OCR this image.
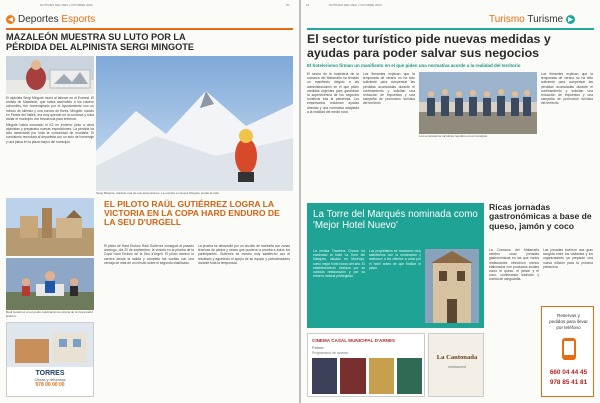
NOTÍCIES DEL MES | OCTUBRE 2020	20
◀ Deportes Esports
MAZALEÓN MUESTRA SU LUTO POR LA PÉRDIDA DEL ALPINISTA SERGI MINGOTE
El alpinista Sergi Mingote murió al fallecer en el Everest. El ciclista de Mazaleón, que había ascendido a los catorce ochomiles, fue homenajeado por el Ayuntamiento con un minuto de silencio y una corona de flores. Mingote, nacido en Parets del Vallès, era muy querido en la comarca y solía visitar el municipio con frecuencia para entrenar.
Mingote había coronado el K2 en invierno junto a otros alpinistas y preparaba nuevas expediciones. La pérdida ha sido lamentada por toda la comunidad de montaña. El consistorio recordará al deportista con un acto de homenaje y una placa en la plaza mayor del municipio.
Sergi Mingote, durante una de sus ascensiones. La cumbre en la que Mingote perdió la vida.
EL PILOTO RAÜL GUTIÉRREZ LOGRA LA VICTORIA EN LA COPA HARD ENDURO DE LA SEU D'URGELL
Raül Gutiérrez en el podio celebrando la victoria de la Copa Hard Enduro.
El piloto de Hard Enduro Raül Gutiérrez consiguió el pasado domingo, día 20 de septiembre, la victoria en la prueba de la Copa Hard Enduro de la Seu d'Urgell. El piloto dominó la carrera desde la salida y completó las vueltas con una ventaja de más de un minuto sobre el segundo clasificado.
La prueba se desarrolló por un circuito de montaña con zonas técnicas de piedra y raíces que pusieron a prueba a todos los participantes. Gutiérrez se mostró muy satisfecho con el resultado y agradeció el apoyo de su equipo y patrocinadores durante toda la temporada.
TORRES
Obras y reformas
978 00 00 00
21	NOTÍCIES DEL MES | OCTUBRE 2020
Turismo Turisme ▶
El sector turístico pide nuevas medidas y ayudas para poder salvar sus negocios
El hotelerismo firman un manifiesto en el que piden una normativa acorde a la realidad del territorio
El sector de la hostelería de la comarca del Matarraña ha firmado un manifiesto dirigido a las administraciones en el que piden medidas urgentes para garantizar la supervivencia de los negocios turísticos tras la pandemia. Los empresarios reclaman ayudas directas y una normativa adaptada a la realidad del medio rural.
Los firmantes explican que la temporada de verano no ha sido suficiente para compensar las pérdidas acumuladas durante el confinamiento y solicitan una reducción de impuestos y una campaña de promoción turística del territorio.
Los empresarios turísticos reunidos en el municipio.
Los firmantes explican que la temporada de verano no ha sido suficiente para compensar las pérdidas acumuladas durante el confinamiento y solicitan una reducción de impuestos y una campaña de promoción turística del territorio.
La Torre del Marqués nominada como 'Mejor Hotel Nuevo'
La revista Travelers Choice ha nominado al hotel La Torre del Marqués, situado en Monroyo, como mejor hotel nuevo del año. El establecimiento destaca por su cuidada restauración y por su entorno natural privilegiado.
Los propietarios se mostraron muy satisfechos con la nominación y animaron a los clientes a votar por el hotel antes de que finalice el plazo.
Ricas jornadas gastronómicas a base de queso, jamón y coco
La Comarca del Matarraña celebró unas jornadas gastronómicas en las que varios restaurantes ofrecieron menús elaborados con productos locales como el queso, el jamón y el coco, combinando tradición y cocina de vanguardia.
Las jornadas tuvieron una gran acogida entre los visitantes y los organizadores ya preparan una nueva edición para la próxima primavera.
CINEMA CASAL MUNICIPAL D'ARNES
Febrer
Programació de cinema
La Cantonada
restaurant
Reservas y
pedidos para llevar
por teléfono
660 04 44 45
978 85 41 81
